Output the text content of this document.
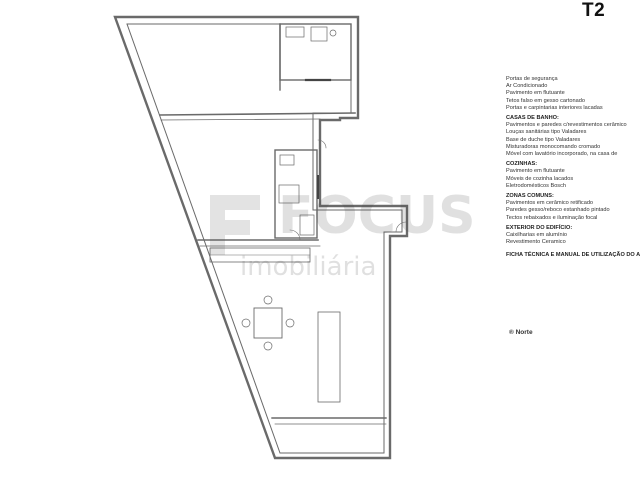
FOCUS
imobiliária
T2
Portas de segurança
Ar Condicionado
Pavimento em flutuante
Tetos falso em gesso cartonado
Portas e carpintarias interiores lacadas
CASAS DE BANHO:
Pavimentos e paredes c/revestimentos cerâmico
Louças sanitárias tipo Valadares
Base de duche tipo Valadares
Misturadoras monocomando cromado
Móvel com lavatório incorporado, na casa de
COZINHAS:
Pavimento em flutuante
Móveis de cozinha lacados
Eletrodomésticos Bosch
ZONAS COMUNS:
Pavimentos em cerâmico retificado
Paredes gesso/reboco estanhado pintado
Tectos rebaixados e iluminação focal
EXTERIOR DO EDIFÍCIO:
Caixilharias em alumínio
Revestimento Ceramico
FICHA TÉCNICA E MANUAL DE UTILIZAÇÃO DO A
® Norte
